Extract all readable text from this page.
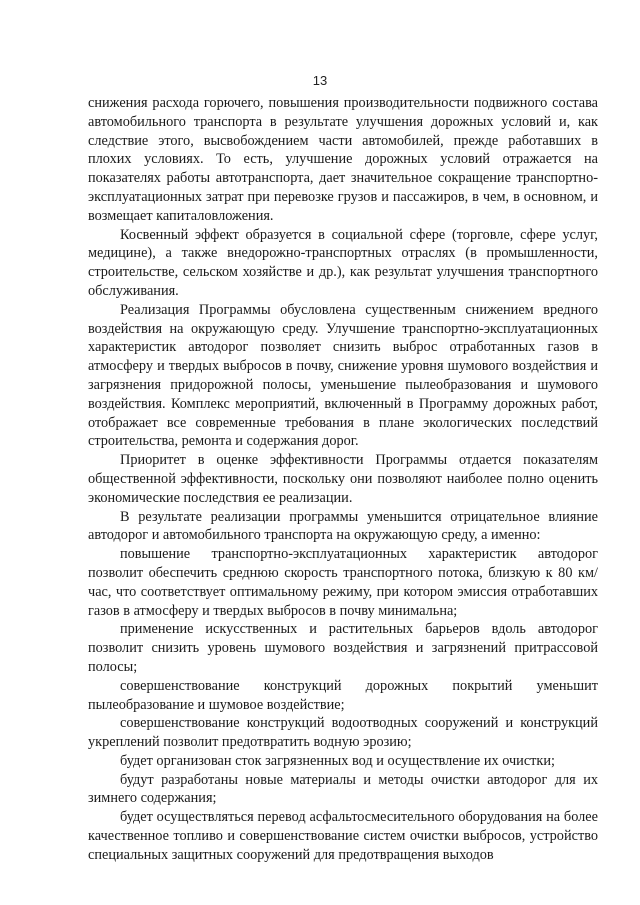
13

снижения расхода горючего, повышения производительности подвижного состава автомобильного транспорта в результате улучшения дорожных условий и, как следствие этого, высвобождением части автомобилей, прежде работавших в плохих условиях. То есть, улучшение дорожных условий отражается на показателях работы автотранспорта, дает значительное сокращение транспортно-эксплуатационных затрат при перевозке грузов и пассажиров, в чем, в основном, и возмещает капиталовложения.

Косвенный эффект образуется в социальной сфере (торговле, сфере услуг, медицине), а также внедорожно-транспортных отраслях (в промышленности, строительстве, сельском хозяйстве и др.), как результат улучшения транспортного обслуживания.

Реализация Программы обусловлена существенным снижением вредного воздействия на окружающую среду. Улучшение транспортно-эксплуатационных характеристик автодорог позволяет снизить выброс отработанных газов в атмосферу и твердых выбросов в почву, снижение уровня шумового воздействия и загрязнения придорожной полосы, уменьшение пылеобразования и шумового воздействия. Комплекс мероприятий, включенный в Программу дорожных работ, отображает все современные требования в плане экологических последствий строительства, ремонта и содержания дорог.

Приоритет в оценке эффективности Программы отдается показателям общественной эффективности, поскольку они позволяют наиболее полно оценить экономические последствия ее реализации.

В результате реализации программы уменьшится отрицательное влияние автодорог и автомобильного транспорта на окружающую среду, а именно:

повышение транспортно-эксплуатационных характеристик автодорог позволит обеспечить среднюю скорость транспортного потока, близкую к 80 км/час, что соответствует оптимальному режиму, при котором эмиссия отработавших газов в атмосферу и твердых выбросов в почву минимальна;

применение искусственных и растительных барьеров вдоль автодорог позволит снизить уровень шумового воздействия и загрязнений притрассовой полосы;

совершенствование конструкций дорожных покрытий уменьшит пылеобразование и шумовое воздействие;

совершенствование конструкций водоотводных сооружений и конструкций укреплений позволит предотвратить водную эрозию;

будет организован сток загрязненных вод и осуществление их очистки;

будут разработаны новые материалы и методы очистки автодорог для их зимнего содержания;

будет осуществляться перевод асфальтосмесительного оборудования на более качественное топливо и совершенствование систем очистки выбросов, устройство специальных защитных сооружений для предотвращения выходов
